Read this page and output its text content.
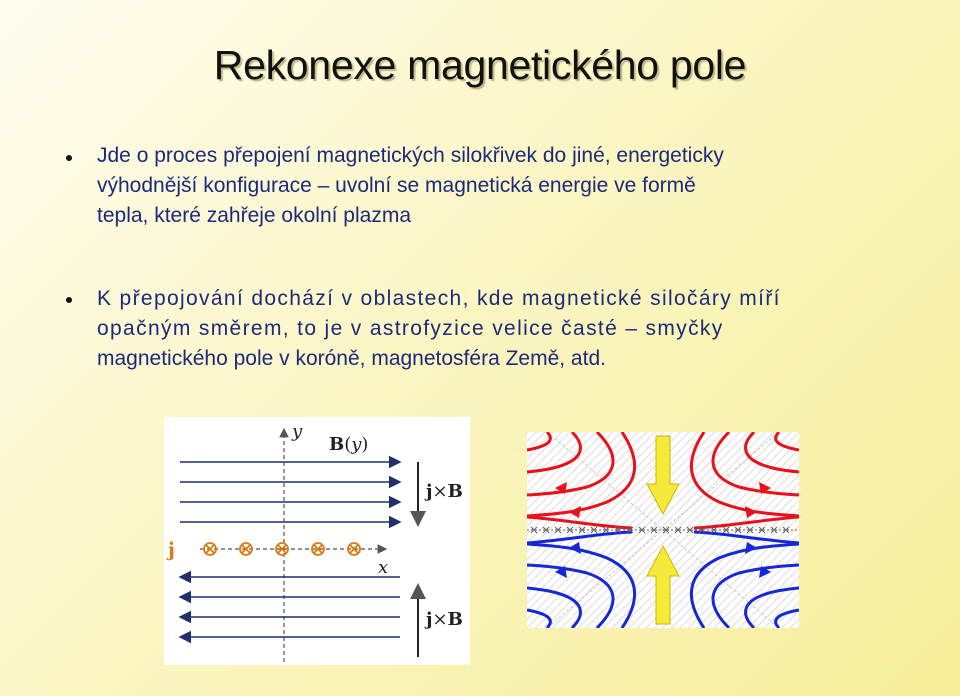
Rekonexe magnetického pole
Jde o proces přepojení magnetických silokřivek do jiné, energeticky
výhodnější konfigurace – uvolní se magnetická energie ve formě
tepla, které zahřeje okolní plazma
K přepojování dochází v oblastech, kde magnetické siločáry míří
opačným směrem, to je v astrofyzice velice časté – smyčky
magnetického pole v koróně, magnetosféra Země, atd.
y
B(y)
x
j
j×B
j×B
